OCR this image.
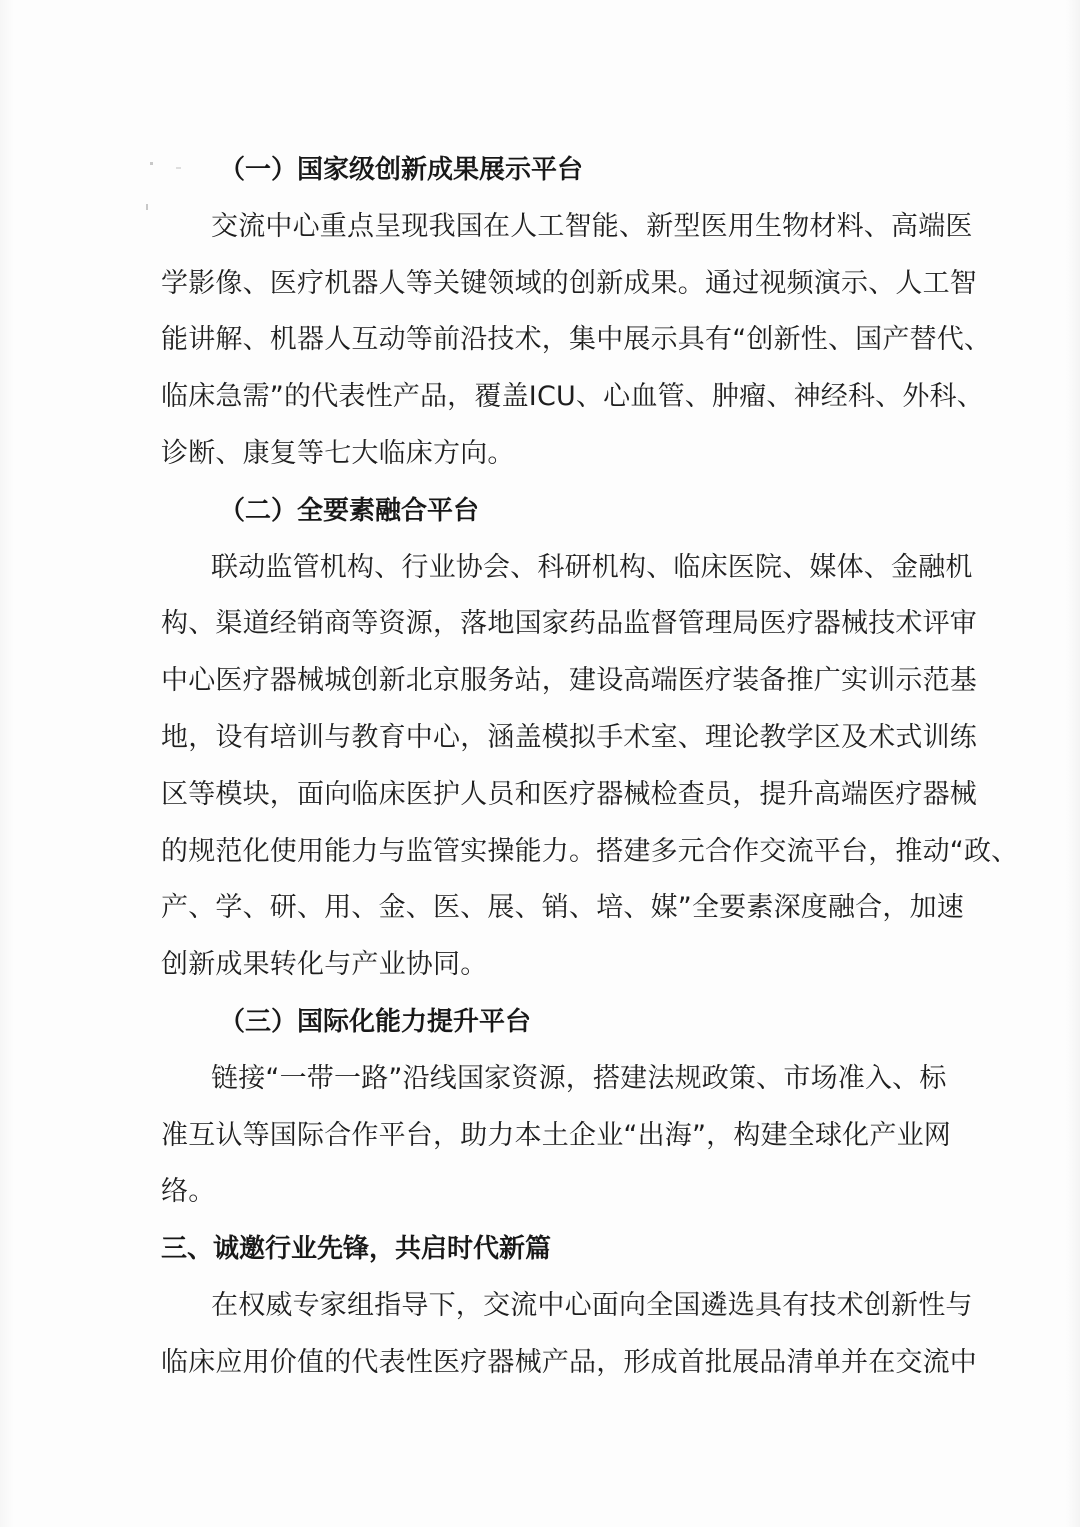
（一）国家级创新成果展示平台
交流中心重点呈现我国在人工智能、新型医用生物材料、高端医
学影像、医疗机器人等关键领域的创新成果。通过视频演示、人工智
能讲解、机器人互动等前沿技术，集中展示具有“创新性、国产替代、
临床急需”的代表性产品，覆盖ICU、心血管、肿瘤、神经科、外科、
诊断、康复等七大临床方向。
（二）全要素融合平台
联动监管机构、行业协会、科研机构、临床医院、媒体、金融机
构、渠道经销商等资源，落地国家药品监督管理局医疗器械技术评审
中心医疗器械城创新北京服务站，建设高端医疗装备推广实训示范基
地，设有培训与教育中心，涵盖模拟手术室、理论教学区及术式训练
区等模块，面向临床医护人员和医疗器械检查员，提升高端医疗器械
的规范化使用能力与监管实操能力。搭建多元合作交流平台，推动“政、
产、学、研、用、金、医、展、销、培、媒”全要素深度融合，加速
创新成果转化与产业协同。
（三）国际化能力提升平台
链接“一带一路”沿线国家资源，搭建法规政策、市场准入、标
准互认等国际合作平台，助力本土企业“出海”，构建全球化产业网
络。
三、诚邀行业先锋，共启时代新篇
在权威专家组指导下，交流中心面向全国遴选具有技术创新性与
临床应用价值的代表性医疗器械产品，形成首批展品清单并在交流中
